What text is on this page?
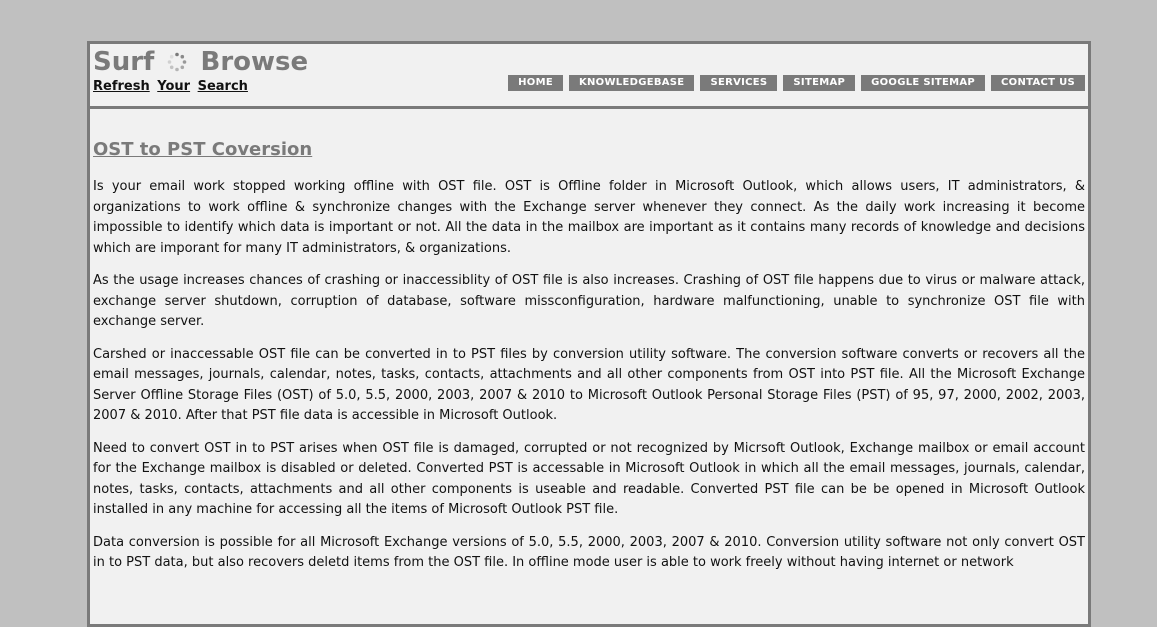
Surf Browse
Refresh Your Search	HOME	KNOWLEDGEBASE	SERVICES	SITEMAP	GOOGLE SITEMAP	CONTACT US
OST to PST Coversion

Is your email work stopped working offline with OST file. OST is Offline folder in Microsoft Outlook, which allows users, IT administrators, & organizations to work offline & synchronize changes with the Exchange server whenever they connect. As the daily work increasing it become impossible to identify which data is important or not. All the data in the mailbox are important as it contains many records of knowledge and decisions which are imporant for many IT administrators, & organizations.

As the usage increases chances of crashing or inaccessiblity of OST file is also increases. Crashing of OST file happens due to virus or malware attack, exchange server shutdown, corruption of database, software missconfiguration, hardware malfunctioning, unable to synchronize OST file with exchange server.

Carshed or inaccessable OST file can be converted in to PST files by conversion utility software. The conversion software converts or recovers all the email messages, journals, calendar, notes, tasks, contacts, attachments and all other components from OST into PST file. All the Microsoft Exchange Server Offline Storage Files (OST) of 5.0, 5.5, 2000, 2003, 2007 & 2010 to Microsoft Outlook Personal Storage Files (PST) of 95, 97, 2000, 2002, 2003, 2007 & 2010. After that PST file data is accessible in Microsoft Outlook.

Need to convert OST in to PST arises when OST file is damaged, corrupted or not recognized by Micrsoft Outlook, Exchange mailbox or email account for the Exchange mailbox is disabled or deleted. Converted PST is accessable in Microsoft Outlook in which all the email messages, journals, calendar, notes, tasks, contacts, attachments and all other components is useable and readable. Converted PST file can be be opened in Microsoft Outlook installed in any machine for accessing all the items of Microsoft Outlook PST file.

Data conversion is possible for all Microsoft Exchange versions of 5.0, 5.5, 2000, 2003, 2007 & 2010. Conversion utility software not only convert OST in to PST data, but also recovers deletd items from the OST file. In offline mode user is able to work freely without having internet or network
